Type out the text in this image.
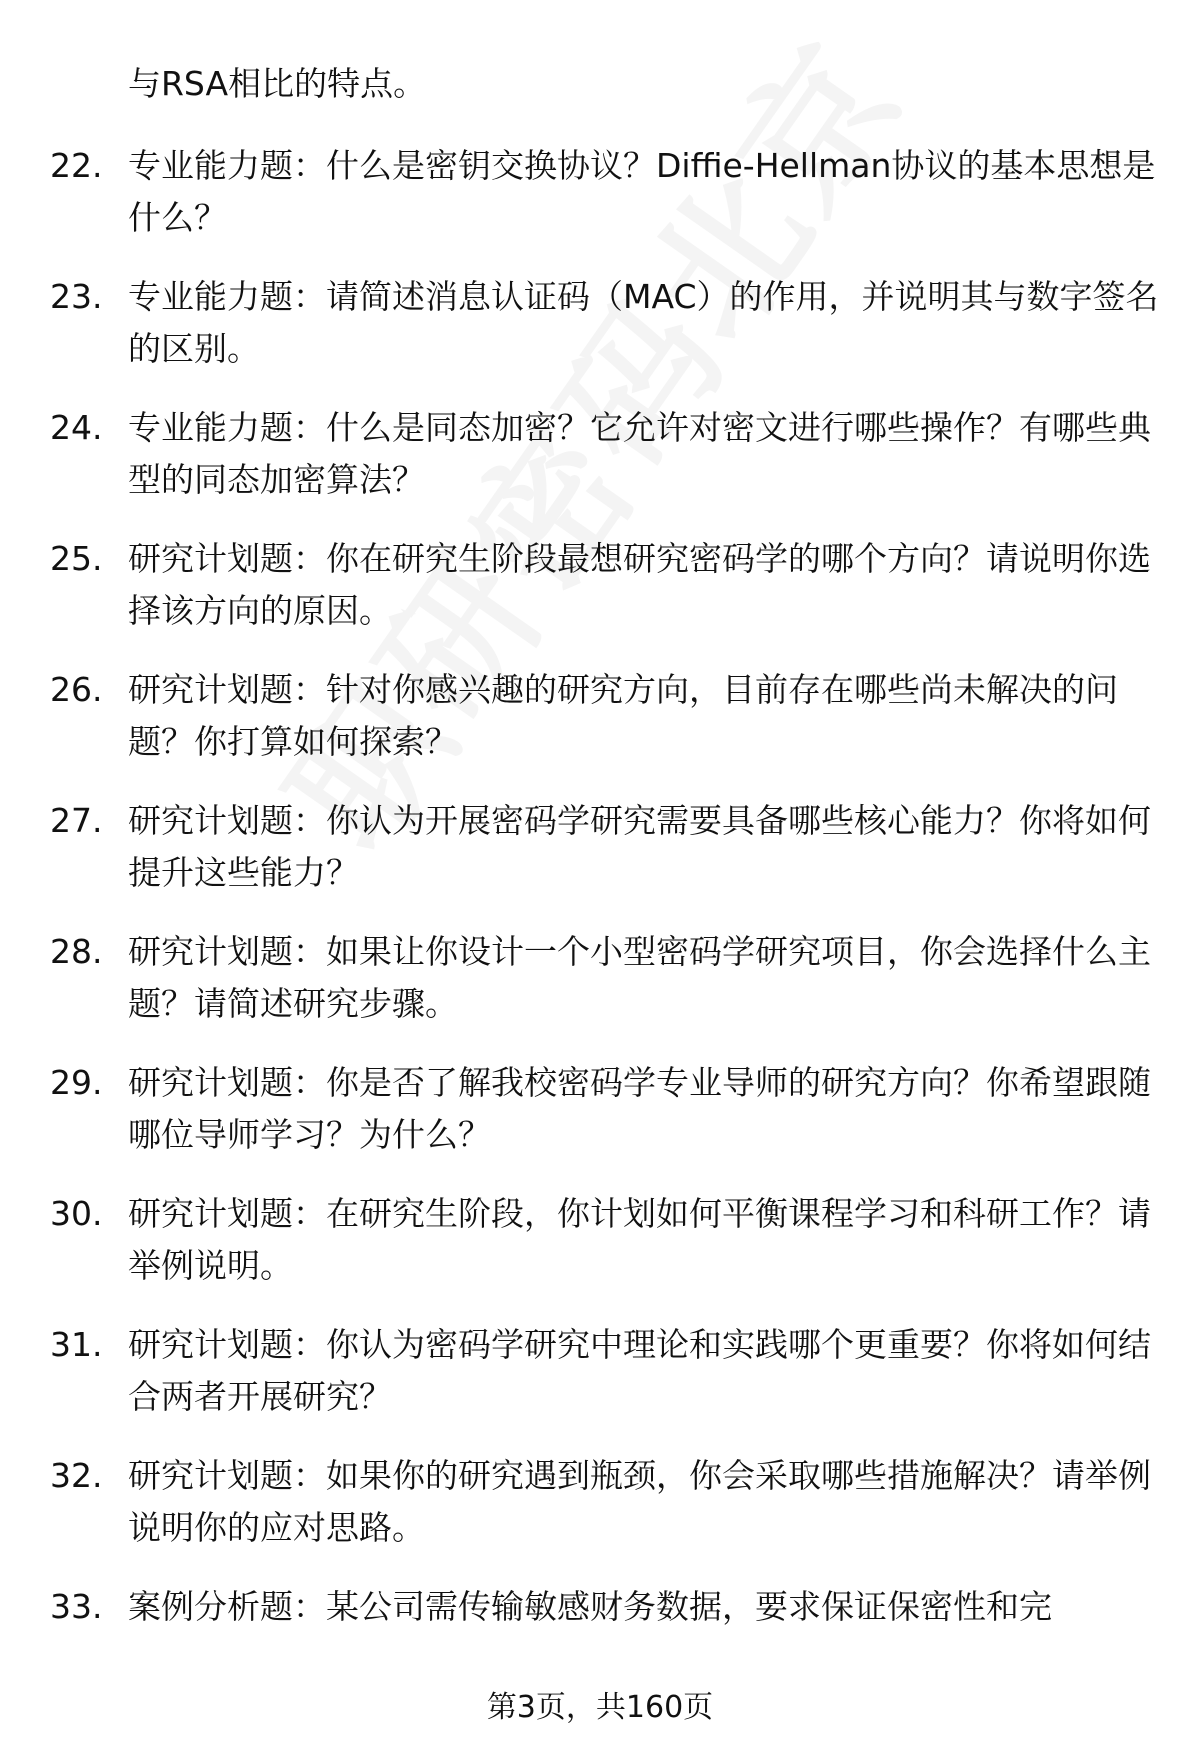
与RSA相比的特点。
22. 专业能力题：什么是密钥交换协议？Diffie-Hellman协议的基本思想是什么？
23. 专业能力题：请简述消息认证码（MAC）的作用，并说明其与数字签名的区别。
24. 专业能力题：什么是同态加密？它允许对密文进行哪些操作？有哪些典型的同态加密算法？
25. 研究计划题：你在研究生阶段最想研究密码学的哪个方向？请说明你选择该方向的原因。
26. 研究计划题：针对你感兴趣的研究方向，目前存在哪些尚未解决的问题？你打算如何探索？
27. 研究计划题：你认为开展密码学研究需要具备哪些核心能力？你将如何提升这些能力？
28. 研究计划题：如果让你设计一个小型密码学研究项目，你会选择什么主题？请简述研究步骤。
29. 研究计划题：你是否了解我校密码学专业导师的研究方向？你希望跟随哪位导师学习？为什么？
30. 研究计划题：在研究生阶段，你计划如何平衡课程学习和科研工作？请举例说明。
31. 研究计划题：你认为密码学研究中理论和实践哪个更重要？你将如何结合两者开展研究？
32. 研究计划题：如果你的研究遇到瓶颈，你会采取哪些措施解决？请举例说明你的应对思路。
33. 案例分析题：某公司需传输敏感财务数据，要求保证保密性和完
第3页，共160页
